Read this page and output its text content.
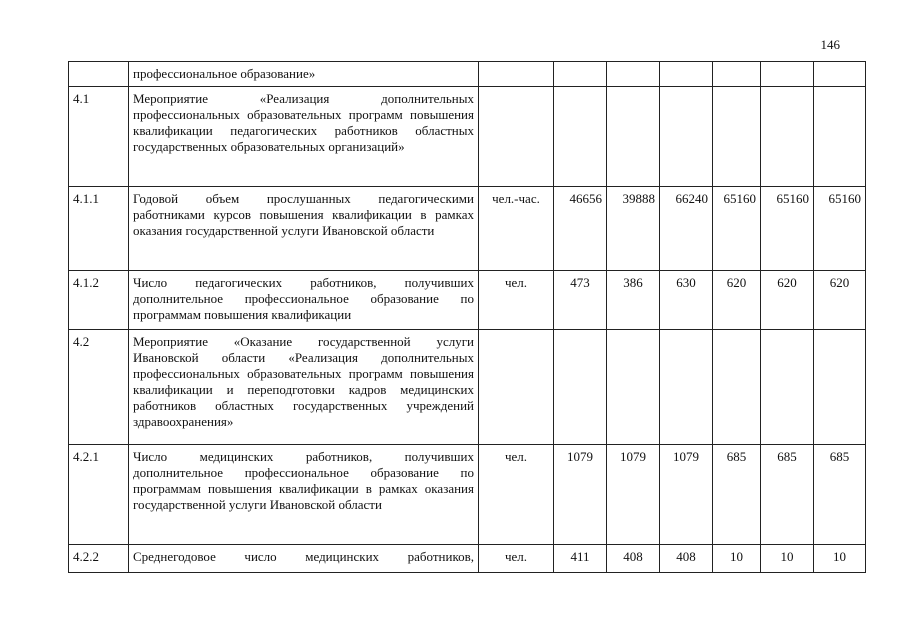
146
	профессиональное образование»							
4.1	Мероприятие «Реализация дополнительных профессиональных образовательных программ повышения квалификации педагогических работников областных государственных образовательных организаций»							
4.1.1	Годовой объем прослушанных педагогическими работниками курсов повышения квалификации в рамках оказания государственной услуги Ивановской области	чел.-час.	46656	39888	66240	65160	65160	65160
4.1.2	Число педагогических работников, получивших дополнительное профессиональное образование по программам повышения квалификации	чел.	473	386	630	620	620	620
4.2	Мероприятие «Оказание государственной услуги Ивановской области «Реализация дополнительных профессиональных образовательных программ повышения квалификации и переподготовки кадров медицинских работников областных государственных учреждений здравоохранения»							
4.2.1	Число медицинских работников, получивших дополнительное профессиональное образование по программам повышения квалификации в рамках оказания государственной услуги Ивановской области	чел.	1079	1079	1079	685	685	685
4.2.2	Среднегодовое число медицинских работников,	чел.	411	408	408	10	10	10
